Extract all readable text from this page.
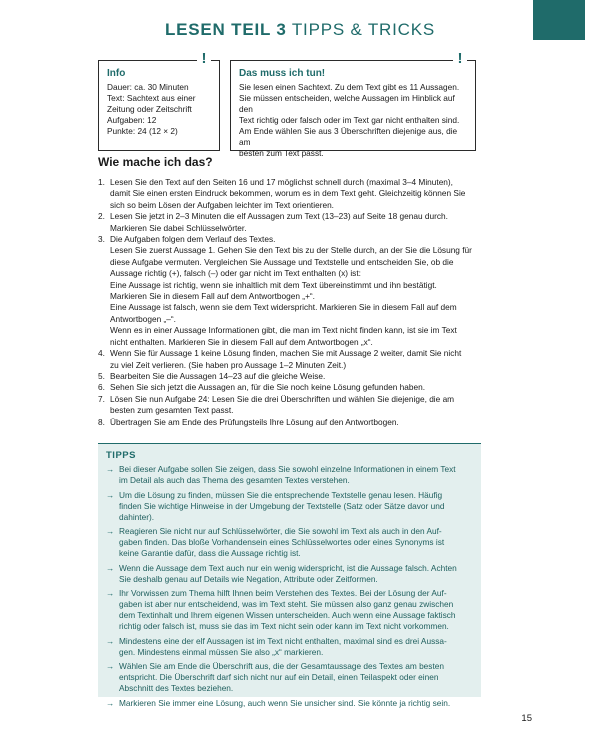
LESEN TEIL 3 TIPPS & TRICKS
!
Info
Dauer: ca. 30 Minuten
Text: Sachtext aus einer
Zeitung oder Zeitschrift
Aufgaben: 12
Punkte: 24 (12 × 2)
!
Das muss ich tun!
Sie lesen einen Sachtext. Zu dem Text gibt es 11 Aussagen.
Sie müssen entscheiden, welche Aussagen im Hinblick auf den
Text richtig oder falsch oder im Text gar nicht enthalten sind.
Am Ende wählen Sie aus 3 Überschriften diejenige aus, die am
besten zum Text passt.
Wie mache ich das?
1. Lesen Sie den Text auf den Seiten 16 und 17 möglichst schnell durch (maximal 3–4 Minuten),
damit Sie einen ersten Eindruck bekommen, worum es in dem Text geht. Gleichzeitig können Sie
sich so beim Lösen der Aufgaben leichter im Text orientieren.
2. Lesen Sie jetzt in 2–3 Minuten die elf Aussagen zum Text (13–23) auf Seite 18 genau durch.
Markieren Sie dabei Schlüsselwörter.
3. Die Aufgaben folgen dem Verlauf des Textes.
Lesen Sie zuerst Aussage 1. Gehen Sie den Text bis zu der Stelle durch, an der Sie die Lösung für
diese Aufgabe vermuten. Vergleichen Sie Aussage und Textstelle und entscheiden Sie, ob die
Aussage richtig (+), falsch (–) oder gar nicht im Text enthalten (x) ist:
Eine Aussage ist richtig, wenn sie inhaltlich mit dem Text übereinstimmt und ihn bestätigt.
Markieren Sie in diesem Fall auf dem Antwortbogen „+“.
Eine Aussage ist falsch, wenn sie dem Text widerspricht. Markieren Sie in diesem Fall auf dem
Antwortbogen „–“.
Wenn es in einer Aussage Informationen gibt, die man im Text nicht finden kann, ist sie im Text
nicht enthalten. Markieren Sie in diesem Fall auf dem Antwortbogen „x“.
4. Wenn Sie für Aussage 1 keine Lösung finden, machen Sie mit Aussage 2 weiter, damit Sie nicht
zu viel Zeit verlieren. (Sie haben pro Aussage 1–2 Minuten Zeit.)
5. Bearbeiten Sie die Aussagen 14–23 auf die gleiche Weise.
6. Sehen Sie sich jetzt die Aussagen an, für die Sie noch keine Lösung gefunden haben.
7. Lösen Sie nun Aufgabe 24: Lesen Sie die drei Überschriften und wählen Sie diejenige, die am
besten zum gesamten Text passt.
8. Übertragen Sie am Ende des Prüfungsteils Ihre Lösung auf den Antwortbogen.
TIPPS
→ Bei dieser Aufgabe sollen Sie zeigen, dass Sie sowohl einzelne Informationen in einem Text
im Detail als auch das Thema des gesamten Textes verstehen.
→ Um die Lösung zu finden, müssen Sie die entsprechende Textstelle genau lesen. Häufig
finden Sie wichtige Hinweise in der Umgebung der Textstelle (Satz oder Sätze davor und
dahinter).
→ Reagieren Sie nicht nur auf Schlüsselwörter, die Sie sowohl im Text als auch in den Auf-
gaben finden. Das bloße Vorhandensein eines Schlüsselwortes oder eines Synonyms ist
keine Garantie dafür, dass die Aussage richtig ist.
→ Wenn die Aussage dem Text auch nur ein wenig widerspricht, ist die Aussage falsch. Achten
Sie deshalb genau auf Details wie Negation, Attribute oder Zeitformen.
→ Ihr Vorwissen zum Thema hilft Ihnen beim Verstehen des Textes. Bei der Lösung der Auf-
gaben ist aber nur entscheidend, was im Text steht. Sie müssen also ganz genau zwischen
dem Textinhalt und Ihrem eigenen Wissen unterscheiden. Auch wenn eine Aussage faktisch
richtig oder falsch ist, muss sie das im Text nicht sein oder kann im Text nicht vorkommen.
→ Mindestens eine der elf Aussagen ist im Text nicht enthalten, maximal sind es drei Aussa-
gen. Mindestens einmal müssen Sie also „x“ markieren.
→ Wählen Sie am Ende die Überschrift aus, die der Gesamtaussage des Textes am besten
entspricht. Die Überschrift darf sich nicht nur auf ein Detail, einen Teilaspekt oder einen
Abschnitt des Textes beziehen.
→ Markieren Sie immer eine Lösung, auch wenn Sie unsicher sind. Sie könnte ja richtig sein.
15
